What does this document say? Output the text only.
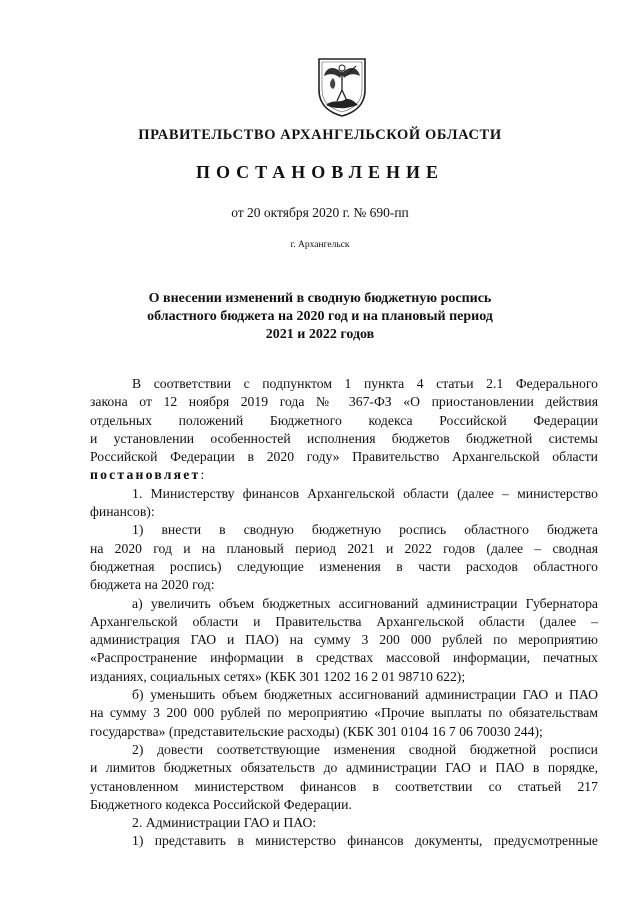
ПРАВИТЕЛЬСТВО АРХАНГЕЛЬСКОЙ ОБЛАСТИ
ПОСТАНОВЛЕНИЕ
от 20 октября 2020 г. № 690-пп
г. Архангельск
О внесении изменений в сводную бюджетную роспись
областного бюджета на 2020 год и на плановый период
2021 и 2022 годов
В соответствии с подпунктом 1 пункта 4 статьи 2.1 Федерального
закона от 12 ноября 2019 года № 367-ФЗ «О приостановлении действия
отдельных положений Бюджетного кодекса Российской Федерации
и установлении особенностей исполнения бюджетов бюджетной системы
Российской Федерации в 2020 году» Правительство Архангельской области
постановляет:
1. Министерству финансов Архангельской области (далее – министерство
финансов):
1) внести в сводную бюджетную роспись областного бюджета
на 2020 год и на плановый период 2021 и 2022 годов (далее – сводная
бюджетная роспись) следующие изменения в части расходов областного
бюджета на 2020 год:
а) увеличить объем бюджетных ассигнований администрации Губернатора
Архангельской области и Правительства Архангельской области (далее –
администрация ГАО и ПАО) на сумму 3 200 000 рублей по мероприятию
«Распространение информации в средствах массовой информации, печатных
изданиях, социальных сетях» (КБК 301 1202 16 2 01 98710 622);
б) уменьшить объем бюджетных ассигнований администрации ГАО и ПАО
на сумму 3 200 000 рублей по мероприятию «Прочие выплаты по обязательствам
государства» (представительские расходы) (КБК 301 0104 16 7 06 70030 244);
2) довести соответствующие изменения сводной бюджетной росписи
и лимитов бюджетных обязательств до администрации ГАО и ПАО в порядке,
установленном министерством финансов в соответствии со статьей 217
Бюджетного кодекса Российской Федерации.
2. Администрации ГАО и ПАО:
1) представить в министерство финансов документы, предусмотренные
